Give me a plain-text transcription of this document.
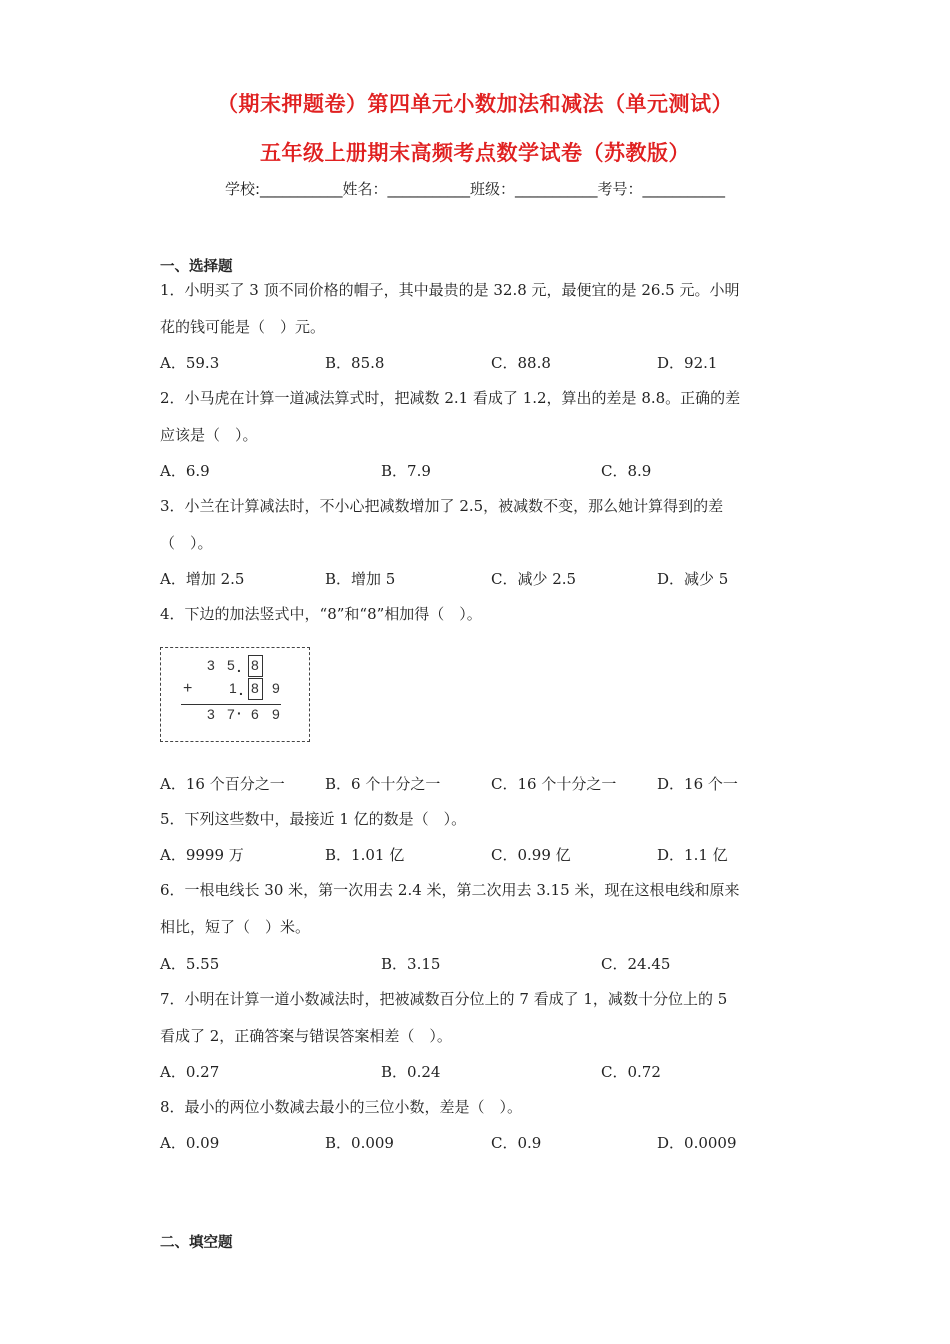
（期末押题卷）第四单元小数加法和减法（单元测试）
五年级上册期末高频考点数学试卷（苏教版）
学校:___________姓名：___________班级：___________考号：___________
一、选择题
1．小明买了 3 顶不同价格的帽子，其中最贵的是 32.8 元，最便宜的是 26.5 元。小明
花的钱可能是（　）元。
A．59.3	B．85.8	C．88.8	D．92.1
2．小马虎在计算一道减法算式时，把减数 2.1 看成了 1.2，算出的差是 8.8。正确的差
应该是（　）。
A．6.9	B．7.9	C．8.9
3．小兰在计算减法时，不小心把减数增加了 2.5，被减数不变，那么她计算得到的差
（　）。
A．增加 2.5	B．增加 5	C．减少 2.5	D．减少 5
4．下边的加法竖式中，“8”和“8”相加得（　）。
3 5 . 8
+	1 . 8 9
3 7 · 6 9
A．16 个百分之一	B．6 个十分之一	C．16 个十分之一	D．16 个一
5．下列这些数中，最接近 1 亿的数是（　）。
A．9999 万	B．1.01 亿	C．0.99 亿	D．1.1 亿
6．一根电线长 30 米，第一次用去 2.4 米，第二次用去 3.15 米，现在这根电线和原来
相比，短了（　）米。
A．5.55	B．3.15	C．24.45
7．小明在计算一道小数减法时，把被减数百分位上的 7 看成了 1，减数十分位上的 5
看成了 2，正确答案与错误答案相差（　）。
A．0.27	B．0.24	C．0.72
8．最小的两位小数减去最小的三位小数，差是（　）。
A．0.09	B．0.009	C．0.9	D．0.0009
二、填空题
